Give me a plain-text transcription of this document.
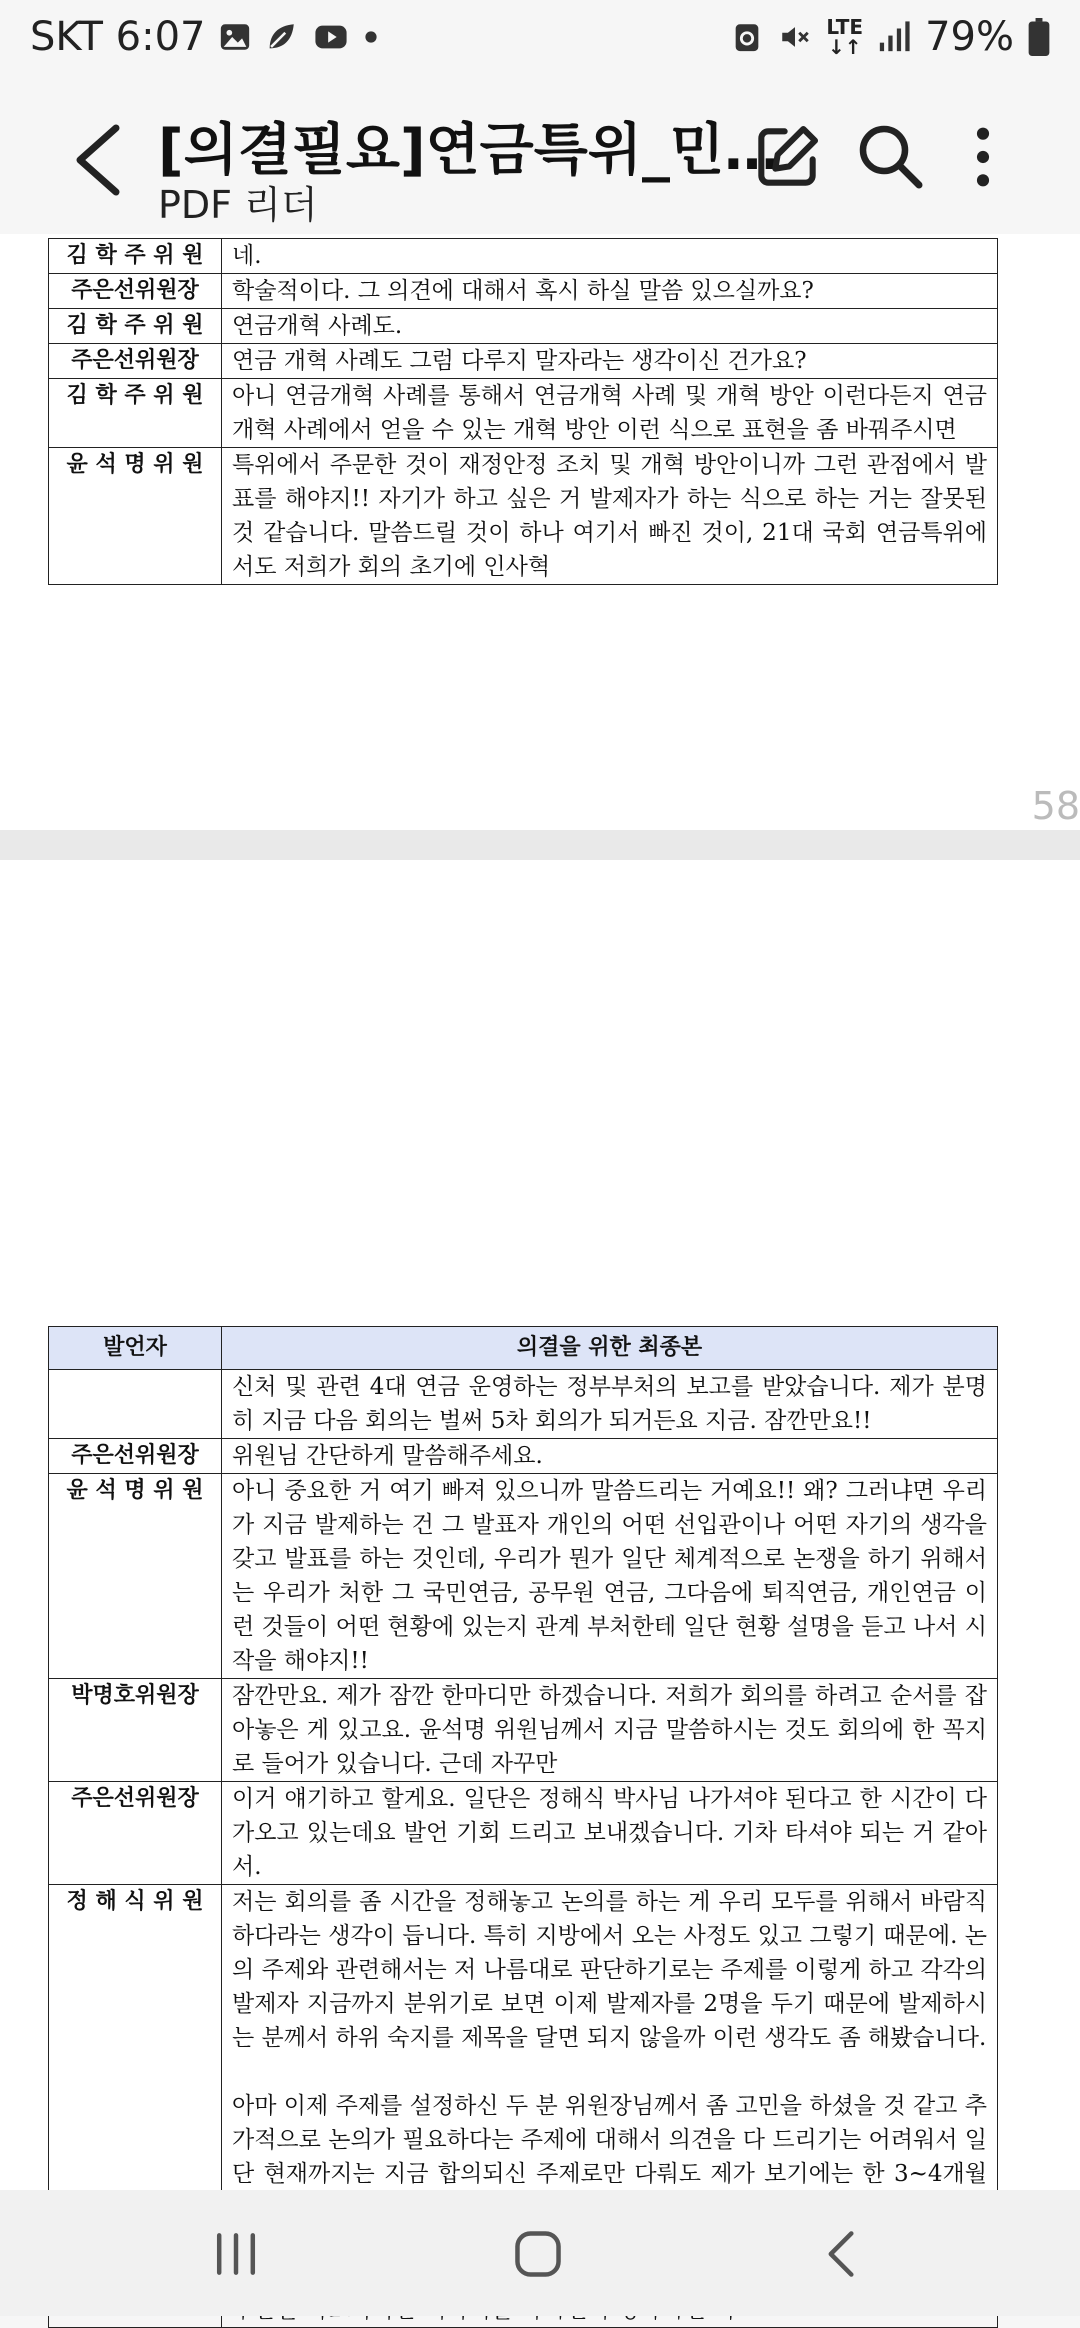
SKT 6:07	LTE
↓↑ 79%
[의결필요]연금특위_민…
PDF 리더
김 학 주 위 원	네.
주은선위원장	학술적이다. 그 의견에 대해서 혹시 하실 말씀 있으실까요?
김 학 주 위 원	연금개혁 사례도.
주은선위원장	연금 개혁 사례도 그럼 다루지 말자라는 생각이신 건가요?
김 학 주 위 원	아니 연금개혁 사례를 통해서 연금개혁 사례 및 개혁 방안 이런다든지 연금개혁 사례에서 얻을 수 있는 개혁 방안 이런 식으로 표현을 좀 바꿔주시면
윤 석 명 위 원	특위에서 주문한 것이 재정안정 조치 및 개혁 방안이니까 그런 관점에서 발표를 해야지!! 자기가 하고 싶은 거 발제자가 하는 식으로 하는 거는 잘못된 것 같습니다. 말씀드릴 것이 하나 여기서 빠진 것이, 21대 국회 연금특위에서도 저희가 회의 초기에 인사혁
58
발언자	의결을 위한 최종본
	신처 및 관련 4대 연금 운영하는 정부부처의 보고를 받았습니다. 제가 분명히 지금 다음 회의는 벌써 5차 회의가 되거든요 지금. 잠깐만요!!
주은선위원장	위원님 간단하게 말씀해주세요.
윤 석 명 위 원	아니 중요한 거 여기 빠져 있으니까 말씀드리는 거예요!! 왜? 그러냐면 우리가 지금 발제하는 건 그 발표자 개인의 어떤 선입관이나 어떤 자기의 생각을 갖고 발표를 하는 것인데, 우리가 뭔가 일단 체계적으로 논쟁을 하기 위해서는 우리가 처한 그 국민연금, 공무원 연금, 그다음에 퇴직연금, 개인연금 이런 것들이 어떤 현황에 있는지 관계 부처한테 일단 현황 설명을 듣고 나서 시작을 해야지!!
박명호위원장	잠깐만요. 제가 잠깐 한마디만 하겠습니다. 저희가 회의를 하려고 순서를 잡아놓은 게 있고요. 윤석명 위원님께서 지금 말씀하시는 것도 회의에 한 꼭지로 들어가 있습니다. 근데 자꾸만
주은선위원장	이거 얘기하고 할게요. 일단은 정해식 박사님 나가셔야 된다고 한 시간이 다가오고 있는데요 발언 기회 드리고 보내겠습니다. 기차 타셔야 되는 거 같아서.
정 해 식 위 원	저는 회의를 좀 시간을 정해놓고 논의를 하는 게 우리 모두를 위해서 바람직하다라는 생각이 듭니다. 특히 지방에서 오는 사정도 있고 그렇기 때문에. 논의 주제와 관련해서는 저 나름대로 판단하기로는 주제를 이렇게 하고 각각의 발제자 지금까지 분위기로 보면 이제 발제자를 2명을 두기 때문에 발제하시는 분께서 하위 숙지를 제목을 달면 되지 않을까 이런 생각도 좀 해봤습니다.
아마 이제 주제를 설정하신 두 분 위원장님께서 좀 고민을 하셨을 것 같고 추가적으로 논의가 필요하다는 주제에 대해서 의견을 다 드리기는 어려워서 일단 현재까지는 지금 합의되신 주제로만 다뤄도 제가 보기에는 한 3~4개월
